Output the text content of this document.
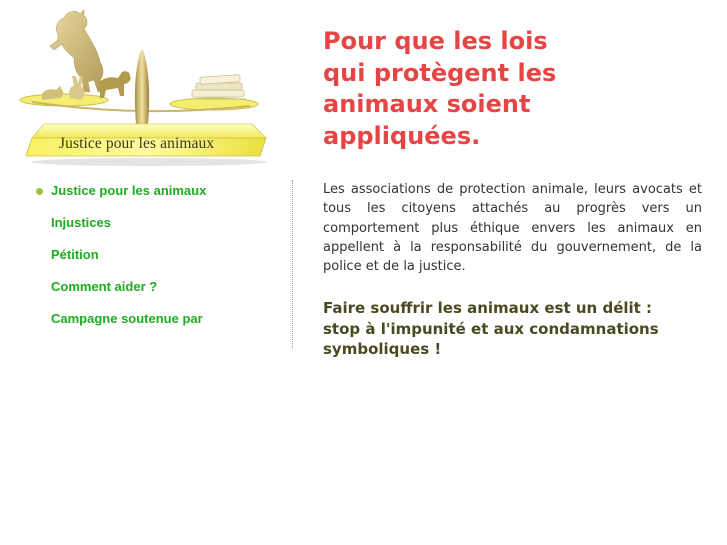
Justice pour les animaux
Justice pour les animaux
Injustices
Pétition
Comment aider ?
Campagne soutenue par
Pour que les lois
qui protègent les
animaux soient
appliquées.

Les associations de protection animale, leurs avocats et tous les citoyens attachés au progrès vers un comportement plus éthique envers les animaux en appellent à la responsabilité du gouvernement, de la police et de la justice.

Faire souffrir les animaux est un délit :
stop à l'impunité et aux condamnations
symboliques !
